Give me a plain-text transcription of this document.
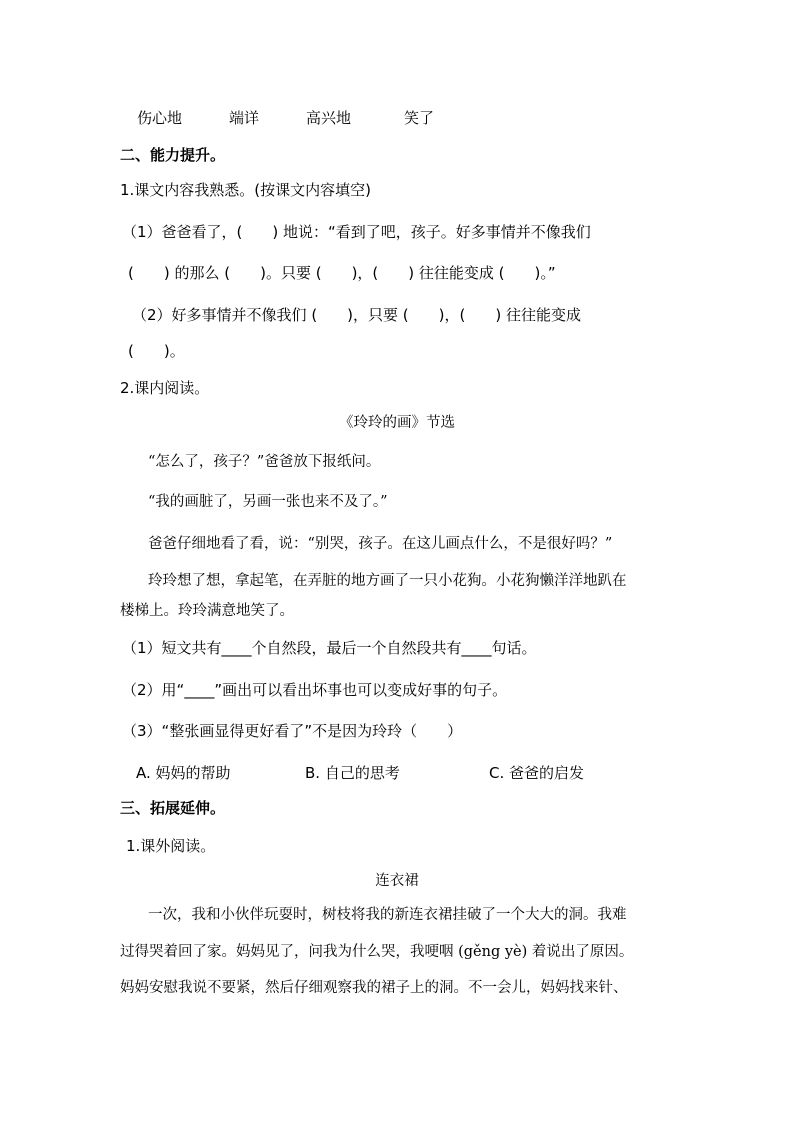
伤心地	端详	高兴地	笑了
二、能力提升。
1.课文内容我熟悉。(按课文内容填空)
（1）爸爸看了，(　　) 地说：“看到了吧，孩子。好多事情并不像我们
(　　) 的那么 (　　)。只要 (　　)，(　　) 往往能变成 (　　)。”
（2）好多事情并不像我们 (　　)，只要 (　　)，(　　) 往往能变成
(　　)。
2.课内阅读。
《玲玲的画》节选
“怎么了，孩子？”爸爸放下报纸问。
“我的画脏了，另画一张也来不及了。”
爸爸仔细地看了看，说：“别哭，孩子。在这儿画点什么，不是很好吗？”
玲玲想了想，拿起笔，在弄脏的地方画了一只小花狗。小花狗懒洋洋地趴在
楼梯上。玲玲满意地笑了。
（1）短文共有____个自然段，最后一个自然段共有____句话。
（2）用“____”画出可以看出坏事也可以变成好事的句子。
（3）“整张画显得更好看了”不是因为玲玲（　　）
A. 妈妈的帮助	B. 自己的思考	C. 爸爸的启发
三、拓展延伸。
1.课外阅读。
连衣裙
一次，我和小伙伴玩耍时，树枝将我的新连衣裙挂破了一个大大的洞。我难
过得哭着回了家。妈妈见了，问我为什么哭，我哽咽 (gěng yè) 着说出了原因。
妈妈安慰我说不要紧，然后仔细观察我的裙子上的洞。不一会儿，妈妈找来针、
